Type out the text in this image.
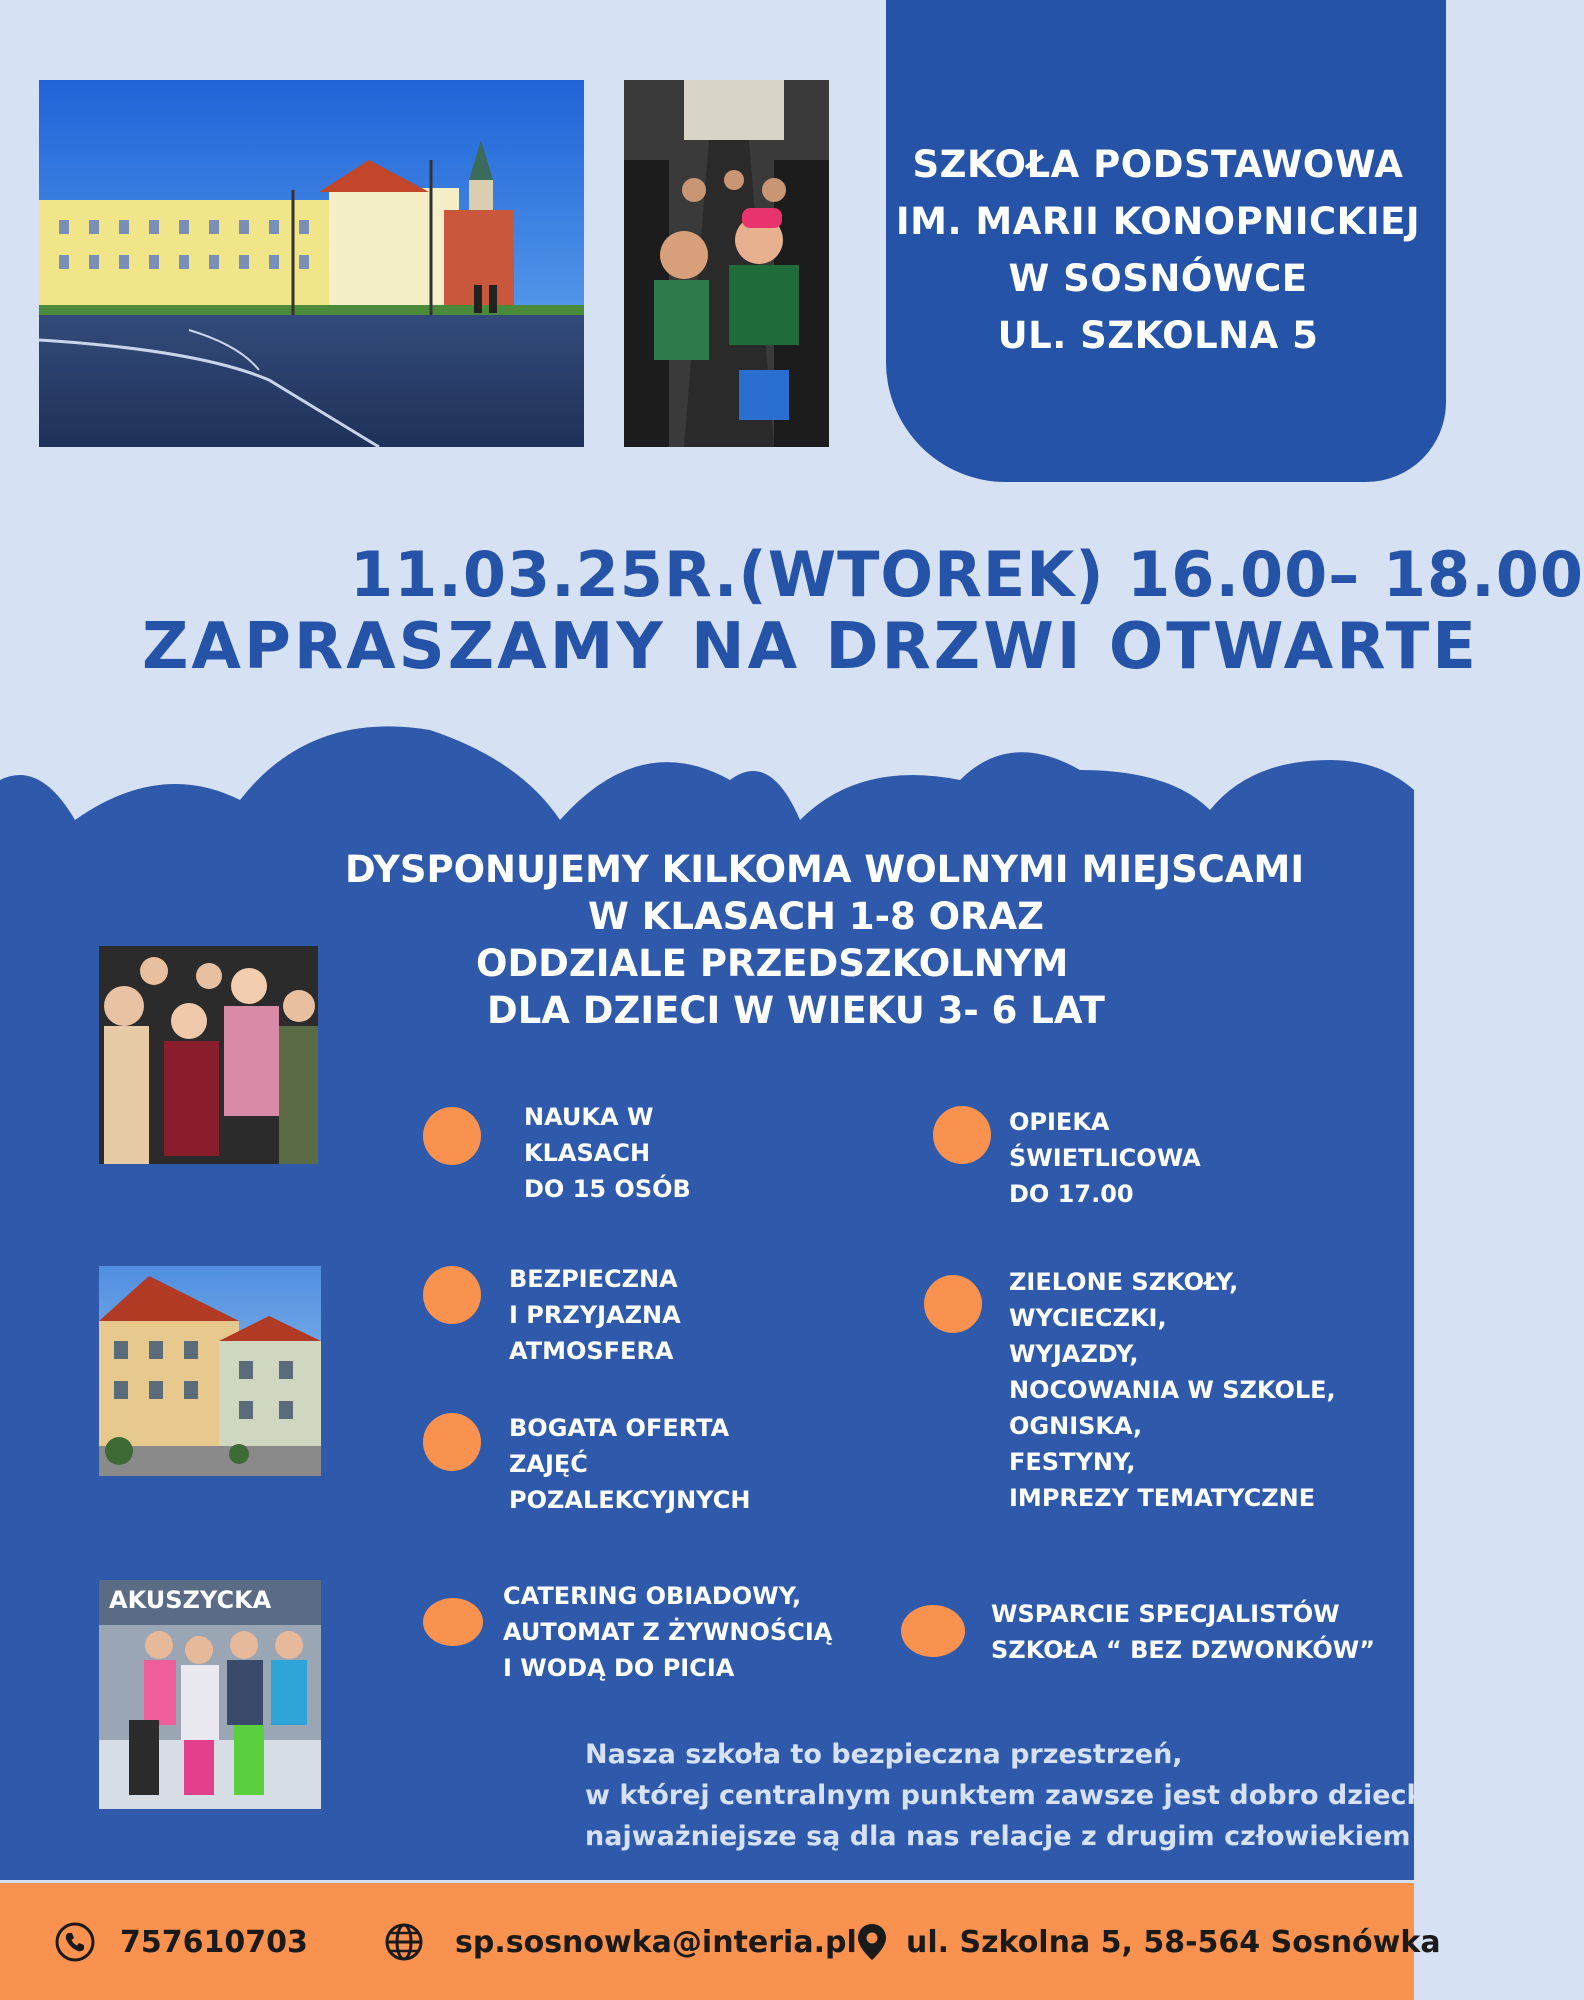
SZKOŁA PODSTAWOWA
IM. MARII KONOPNICKIEJ
W SOSNÓWCE
UL. SZKOLNA 5
11.03.25R.(WTOREK) 16.00– 18.00
ZAPRASZAMY NA DRZWI OTWARTE
DYSPONUJEMY KILKOMA WOLNYMI MIEJSCAMI
W KLASACH 1-8 ORAZ
ODDZIALE PRZEDSZKOLNYM
DLA DZIECI W WIEKU 3- 6 LAT
AKUSZYCKA
NAUKA W
KLASACH
DO 15 OSÓB
OPIEKA
ŚWIETLICOWA
DO 17.00
BEZPIECZNA
I PRZYJAZNA
ATMOSFERA
ZIELONE SZKOŁY,
WYCIECZKI,
WYJAZDY,
NOCOWANIA W SZKOLE,
OGNISKA,
FESTYNY,
IMPREZY TEMATYCZNE
BOGATA OFERTA
ZAJĘĆ
POZALEKCYJNYCH
CATERING OBIADOWY,
AUTOMAT Z ŻYWNOŚCIĄ
I WODĄ DO PICIA
WSPARCIE SPECJALISTÓW
SZKOŁA “ BEZ DZWONKÓW”
Nasza szkoła to bezpieczna przestrzeń,
w której centralnym punktem zawsze jest dobro dziecka,
najważniejsze są dla nas relacje z drugim człowiekiem
757610703	sp.sosnowka@interia.pl ul. Szkolna 5, 58-564 Sosnówka
